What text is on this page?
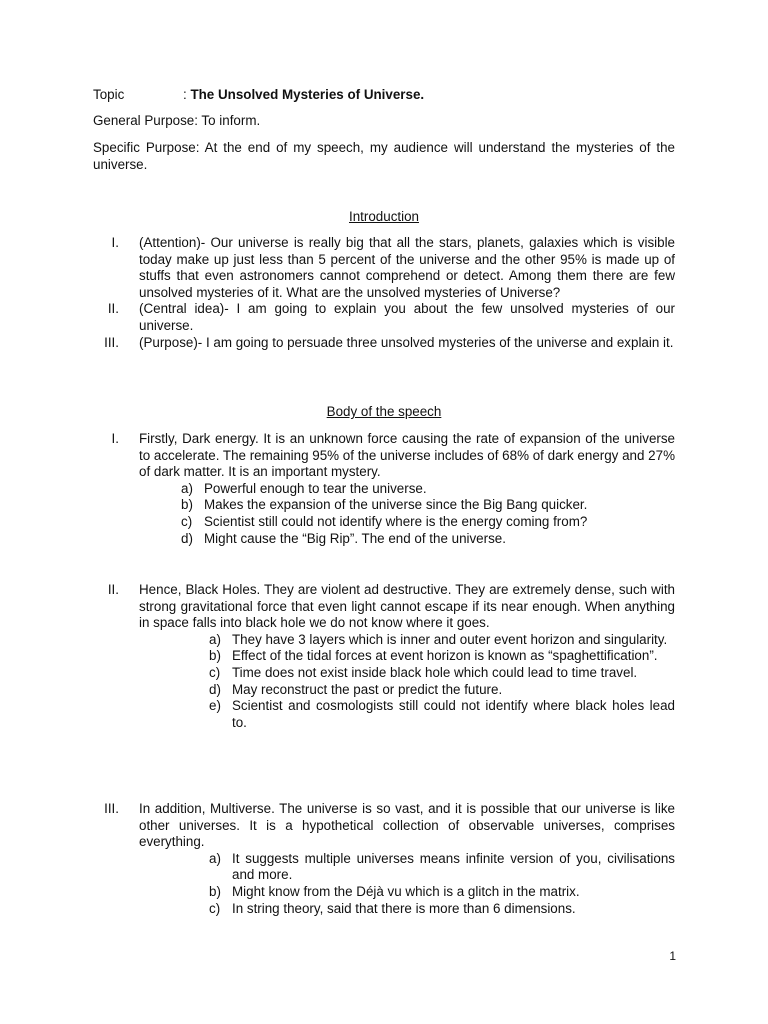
Topic	: The Unsolved Mysteries of Universe.
General Purpose: To inform.
Specific Purpose: At the end of my speech, my audience will understand the mysteries of the universe.
Introduction
I. (Attention)- Our universe is really big that all the stars, planets, galaxies which is visible today make up just less than 5 percent of the universe and the other 95% is made up of stuffs that even astronomers cannot comprehend or detect. Among them there are few unsolved mysteries of it. What are the unsolved mysteries of Universe?
II. (Central idea)- I am going to explain you about the few unsolved mysteries of our universe.
III. (Purpose)- I am going to persuade three unsolved mysteries of the universe and explain it.
Body of the speech
I. Firstly, Dark energy. It is an unknown force causing the rate of expansion of the universe to accelerate. The remaining 95% of the universe includes of 68% of dark energy and 27% of dark matter. It is an important mystery.
a) Powerful enough to tear the universe.
b) Makes the expansion of the universe since the Big Bang quicker.
c) Scientist still could not identify where is the energy coming from?
d) Might cause the “Big Rip”. The end of the universe.
II. Hence, Black Holes. They are violent ad destructive. They are extremely dense, such with strong gravitational force that even light cannot escape if its near enough. When anything in space falls into black hole we do not know where it goes.
a) They have 3 layers which is inner and outer event horizon and singularity.
b) Effect of the tidal forces at event horizon is known as “spaghettification”.
c) Time does not exist inside black hole which could lead to time travel.
d) May reconstruct the past or predict the future.
e) Scientist and cosmologists still could not identify where black holes lead to.
III. In addition, Multiverse. The universe is so vast, and it is possible that our universe is like other universes. It is a hypothetical collection of observable universes, comprises everything.
a) It suggests multiple universes means infinite version of you, civilisations and more.
b) Might know from the Déjà vu which is a glitch in the matrix.
c) In string theory, said that there is more than 6 dimensions.
1
